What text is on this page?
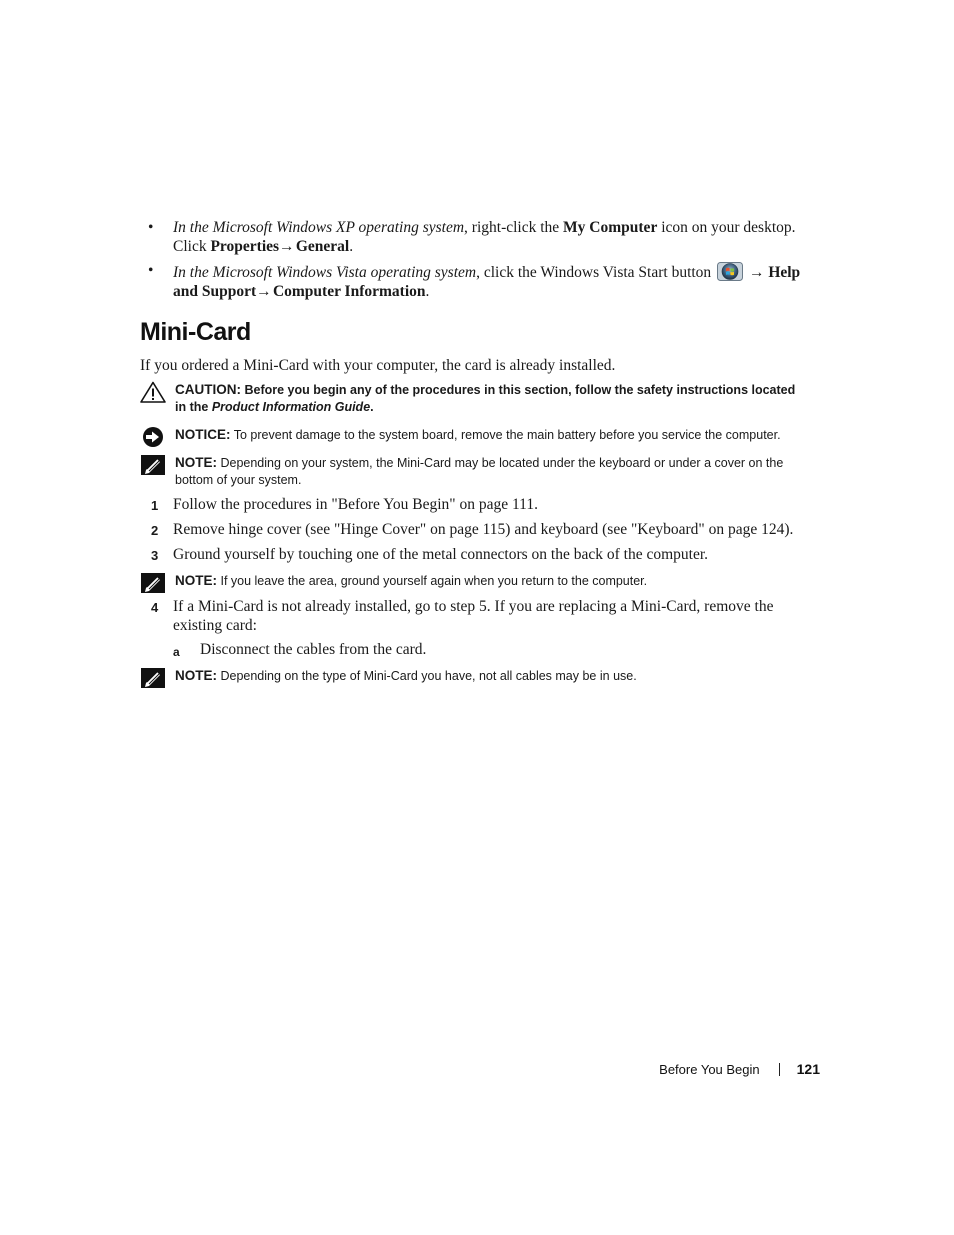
• In the Microsoft Windows XP operating system, right-click the My Computer icon on your desktop. Click Properties→ General.
• In the Microsoft Windows Vista operating system, click the Windows Vista Start button  → Help and Support→ Computer Information.
Mini-Card
If you ordered a Mini-Card with your computer, the card is already installed.
CAUTION: Before you begin any of the procedures in this section, follow the safety instructions located in the Product Information Guide.
NOTICE: To prevent damage to the system board, remove the main battery before you service the computer.
NOTE: Depending on your system, the Mini-Card may be located under the keyboard or under a cover on the bottom of your system.
1 Follow the procedures in "Before You Begin" on page 111.
2 Remove hinge cover (see "Hinge Cover" on page 115) and keyboard (see "Keyboard" on page 124).
3 Ground yourself by touching one of the metal connectors on the back of the computer.
NOTE: If you leave the area, ground yourself again when you return to the computer.
4 If a Mini-Card is not already installed, go to step 5. If you are replacing a Mini-Card, remove the existing card:
a Disconnect the cables from the card.
NOTE: Depending on the type of Mini-Card you have, not all cables may be in use.
Before You Begin	121
